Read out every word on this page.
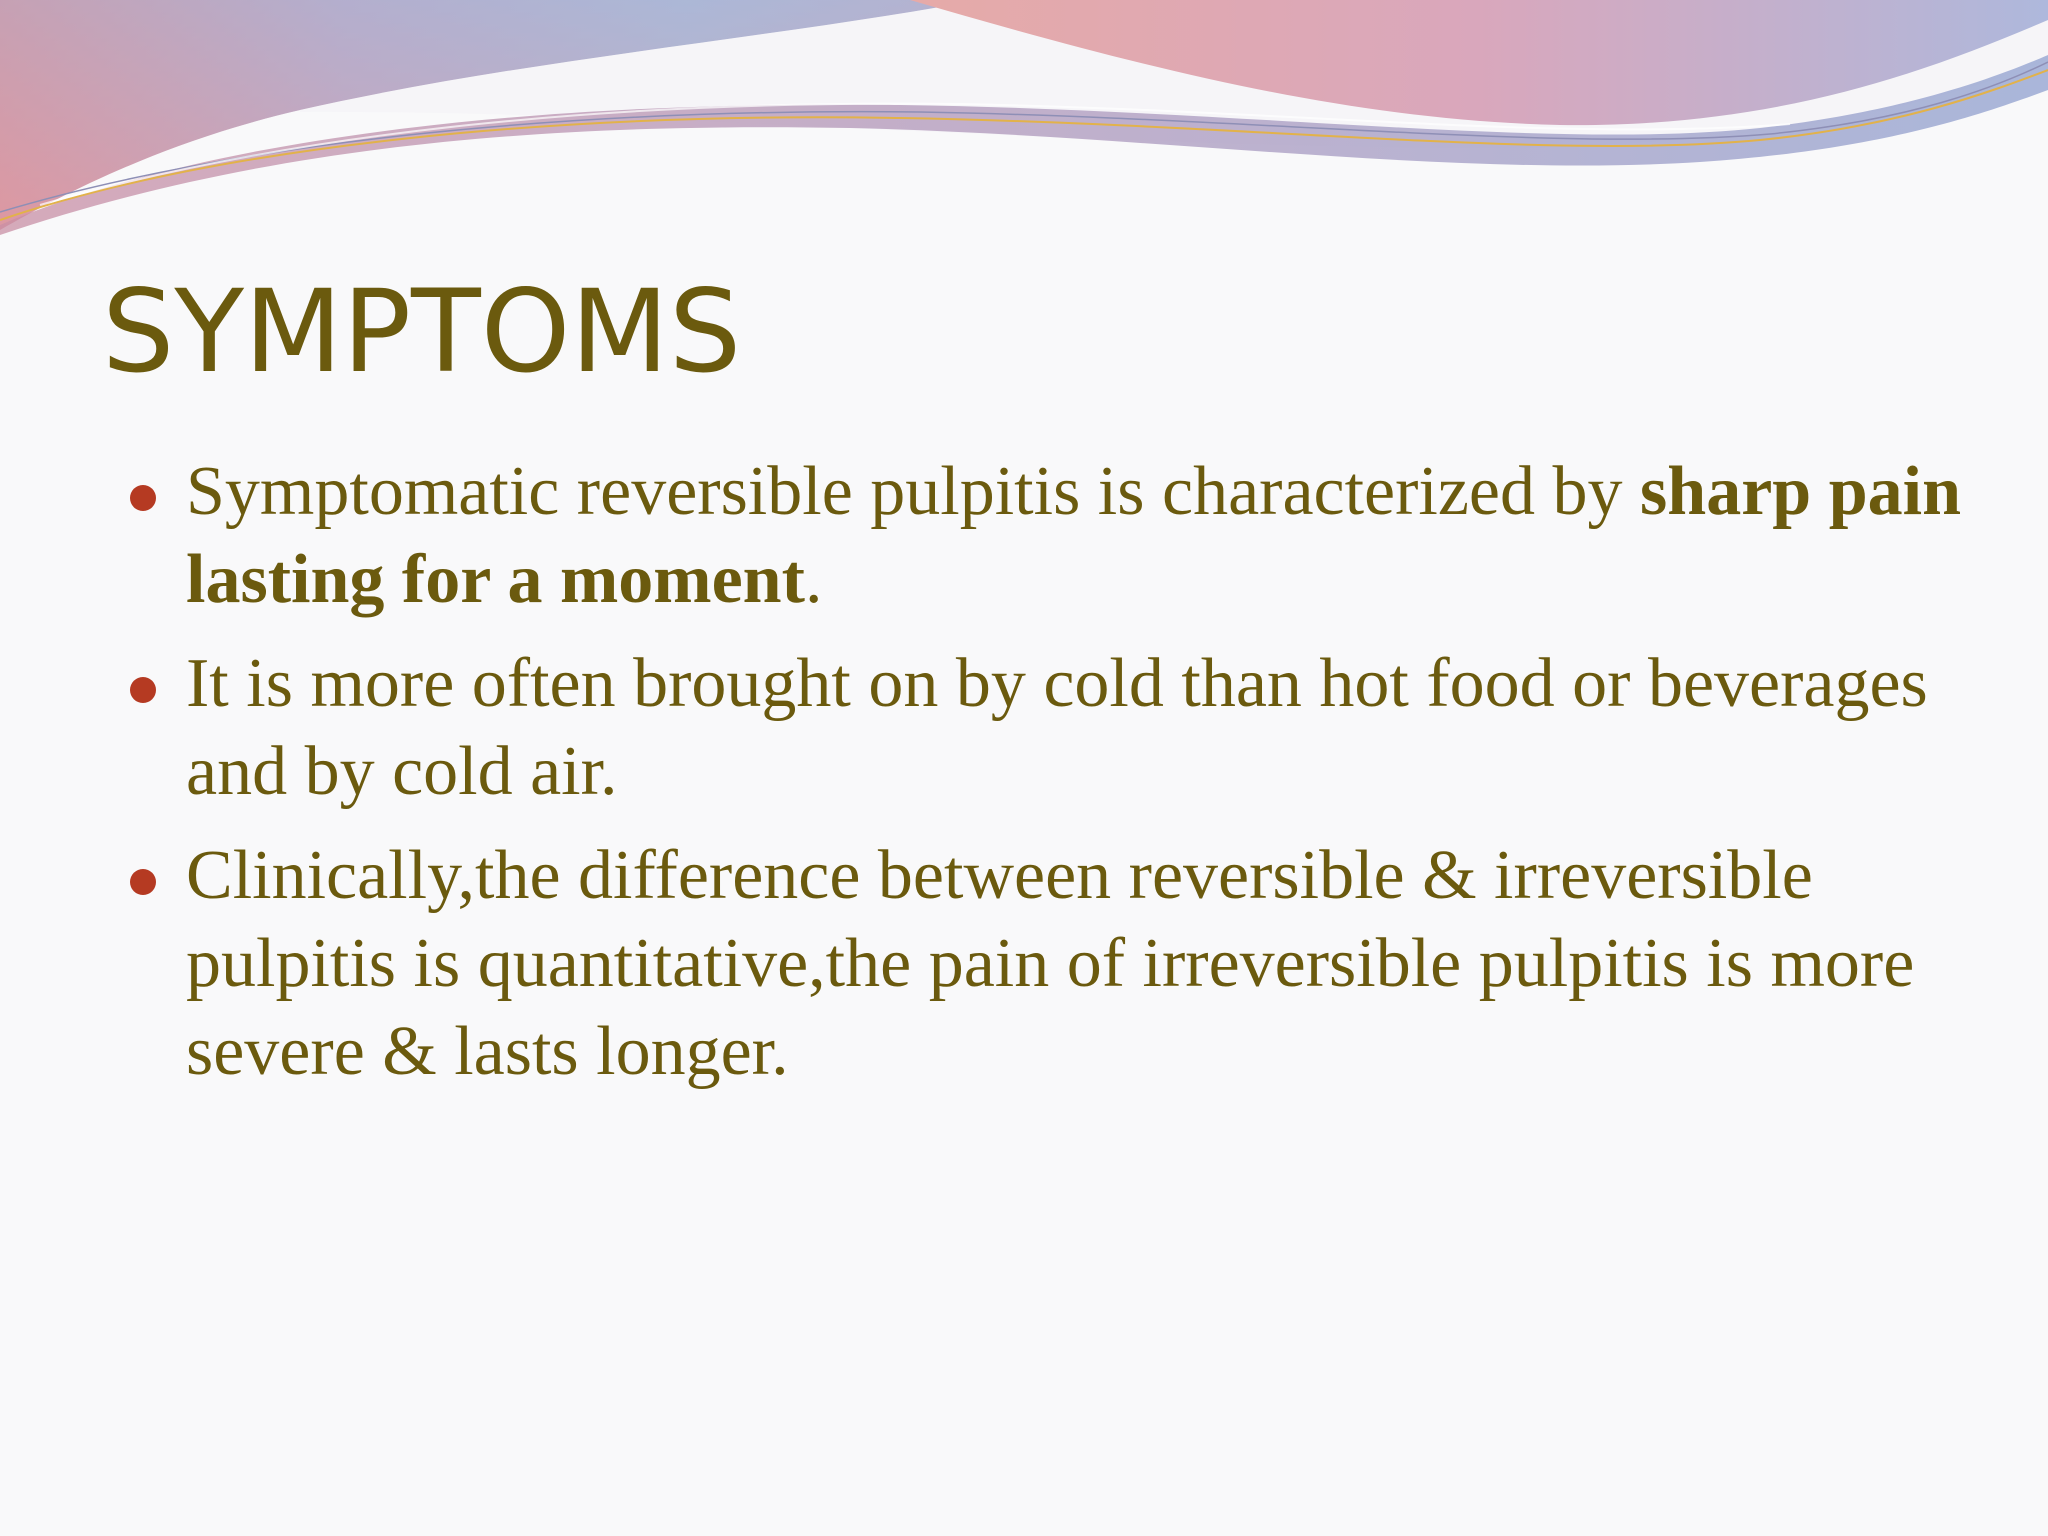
SYMPTOMS
Symptomatic reversible pulpitis is characterized by sharp pain lasting for a moment.
It is more often brought on by cold than hot food or beverages and by cold air.
Clinically,the difference between reversible & irreversible pulpitis is quantitative,the pain of irreversible pulpitis is more severe & lasts longer.
